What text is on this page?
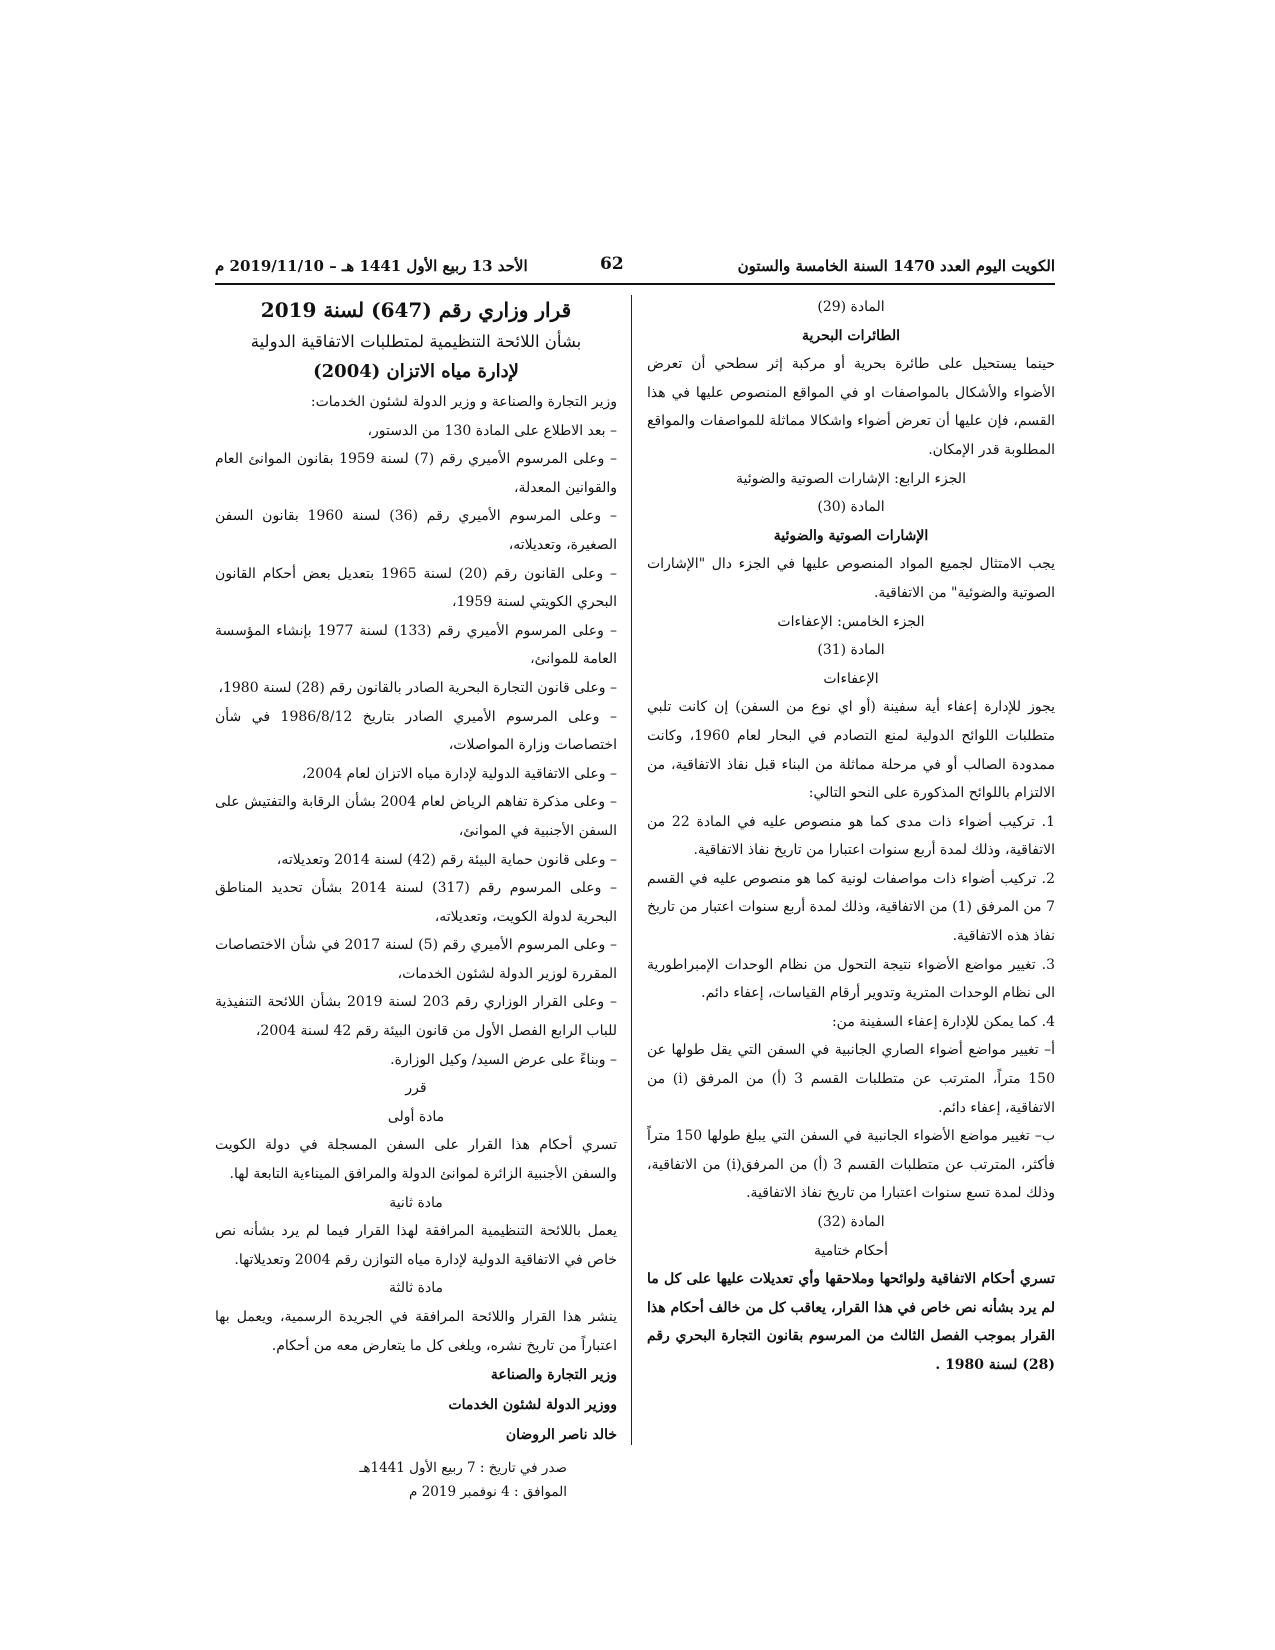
الكويت اليوم العدد 1470 السنة الخامسة والستون
62
الأحد 13 ربيع الأول 1441 هـ – 2019/11/10 م

المادة (29)

الطائرات البحرية

حينما يستحيل على طائرة بحرية أو مركبة إثر سطحي أن تعرض الأضواء والأشكال بالمواصفات او في المواقع المنصوص عليها في هذا القسم، فإن عليها أن تعرض أضواء واشكالا مماثلة للمواصفات والمواقع المطلوبة قدر الإمكان.

الجزء الرابع: الإشارات الصوتية والضوئية

المادة (30)

الإشارات الصوتية والضوئية

يجب الامتثال لجميع المواد المنصوص عليها في الجزء دال "الإشارات الصوتية والضوئية" من الاتفاقية.

الجزء الخامس: الإعفاءات

المادة (31)

الإعفاءات

يجوز للإدارة إعفاء أية سفينة (أو اي نوع من السفن) إن كانت تلبي متطلبات اللوائح الدولية لمنع التصادم في البحار لعام 1960، وكانت ممدودة الصالب أو في مرحلة مماثلة من البناء قبل نفاذ الاتفاقية، من الالتزام باللوائح المذكورة على النحو التالي:

1. تركيب أضواء ذات مدى كما هو منصوص عليه في المادة 22 من الاتفاقية، وذلك لمدة أربع سنوات اعتبارا من تاريخ نفاذ الاتفاقية.

2. تركيب أضواء ذات مواصفات لونية كما هو منصوص عليه في القسم 7 من المرفق (1) من الاتفاقية، وذلك لمدة أربع سنوات اعتبار من تاريخ نفاذ هذه الاتفاقية.

3. تغيير مواضع الأضواء نتيجة التحول من نظام الوحدات الإمبراطورية الى نظام الوحدات المترية وتدوير أرقام القياسات، إعفاء دائم.

4. كما يمكن للإدارة إعفاء السفينة من:

أ– تغيير مواضع أضواء الصاري الجانبية في السفن التي يقل طولها عن 150 متراً، المترتب عن متطلبات القسم 3 (أ) من المرفق (i) من الاتفاقية، إعفاء دائم.

ب– تغيير مواضع الأضواء الجانبية في السفن التي يبلغ طولها 150 متراً فأكثر، المترتب عن متطلبات القسم 3 (أ) من المرفق(i) من الاتفاقية، وذلك لمدة تسع سنوات اعتبارا من تاريخ نفاذ الاتفاقية.

المادة (32)

أحكام ختامية

تسري أحكام الاتفاقية ولوائحها وملاحقها وأي تعديلات عليها على كل ما لم يرد بشأنه نص خاص في هذا القرار، يعاقب كل من خالف أحكام هذا القرار بموجب الفصل الثالث من المرسوم بقانون التجارة البحري رقم (28) لسنة 1980 .

قرار وزاري رقم (647) لسنة 2019

بشأن اللائحة التنظيمية لمتطلبات الاتفاقية الدولية

لإدارة مياه الاتزان (2004)

وزير التجارة والصناعة و وزير الدولة لشئون الخدمات:

– بعد الاطلاع على المادة 130 من الدستور،

– وعلى المرسوم الأميري رقم (7) لسنة 1959 بقانون الموانئ العام والقوانين المعدلة،

– وعلى المرسوم الأميري رقم (36) لسنة 1960 بقانون السفن الصغيرة، وتعديلاته،

– وعلى القانون رقم (20) لسنة 1965 بتعديل بعض أحكام القانون البحري الكويتي لسنة 1959،

– وعلى المرسوم الأميري رقم (133) لسنة 1977 بإنشاء المؤسسة العامة للموانئ،

– وعلى قانون التجارة البحرية الصادر بالقانون رقم (28) لسنة 1980،

– وعلى المرسوم الأميري الصادر بتاريخ 1986/8/12 في شأن اختصاصات وزارة المواصلات،

– وعلى الاتفاقية الدولية لإدارة مياه الاتزان لعام 2004،

– وعلى مذكرة تفاهم الرياض لعام 2004 بشأن الرقابة والتفتيش على السفن الأجنبية في الموانئ،

– وعلى قانون حماية البيئة رقم (42) لسنة 2014 وتعديلاته،

– وعلى المرسوم رقم (317) لسنة 2014 بشأن تحديد المناطق البحرية لدولة الكويت، وتعديلاته،

– وعلى المرسوم الأميري رقم (5) لسنة 2017 في شأن الاختصاصات المقررة لوزير الدولة لشئون الخدمات،

– وعلى القرار الوزاري رقم 203 لسنة 2019 بشأن اللائحة التنفيذية للباب الرابع الفصل الأول من قانون البيئة رقم 42 لسنة 2004،

– وبناءً على عرض السيد/ وكيل الوزارة.

قرر

مادة أولى

تسري أحكام هذا القرار على السفن المسجلة في دولة الكويت والسفن الأجنبية الزائرة لموانئ الدولة والمرافق الميناءية التابعة لها.

مادة ثانية

يعمل باللائحة التنظيمية المرافقة لهذا القرار فيما لم يرد بشأنه نص خاص في الاتفاقية الدولية لإدارة مياه التوازن رقم 2004 وتعديلاتها.

مادة ثالثة

ينشر هذا القرار واللائحة المرافقة في الجريدة الرسمية، ويعمل بها اعتباراً من تاريخ نشره، ويلغى كل ما يتعارض معه من أحكام.

وزير التجارة والصناعة

ووزير الدولة لشئون الخدمات

خالد ناصر الروضان

صدر في تاريخ : 7 ربيع الأول 1441هـ

الموافق : 4 نوفمبر 2019 م
